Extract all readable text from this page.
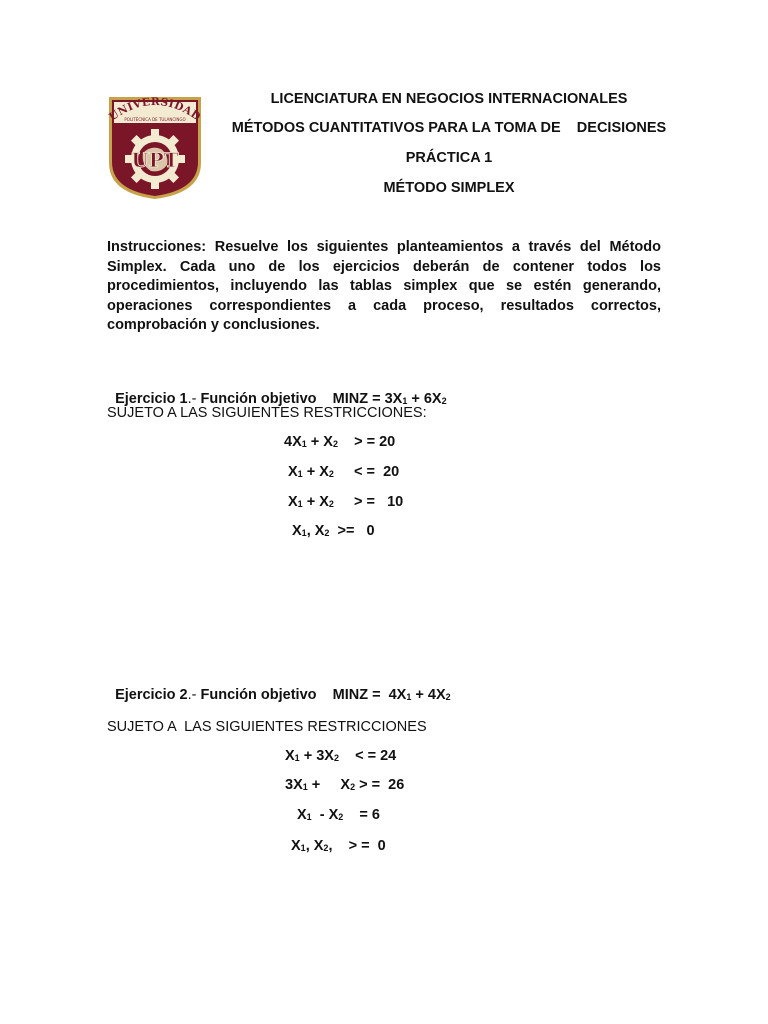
UNIVERSIDAD
POLITÉCNICA DE TULANCINGO
UPT
LICENCIATURA EN NEGOCIOS INTERNACIONALES
MÉTODOS CUANTITATIVOS PARA LA TOMA DE    DECISIONES
PRÁCTICA 1
MÉTODO SIMPLEX
Instrucciones: Resuelve los siguientes planteamientos a través del Método Simplex. Cada uno de los ejercicios deberán de contener todos los procedimientos, incluyendo las tablas simplex que se estén generando, operaciones correspondientes a cada proceso, resultados correctos, comprobación y conclusiones.

Ejercicio 1.- Función objetivo MINZ = $3X_1 + 6X_2$

SUJETO A LAS SIGUIENTES RESTRICCIONES:
$4X_1 + X_2$    > = 20
$X_1 + X_2$     < =  20
$X_1 + X_2$     > =   10
$X_1$, $X_2 >= 0$

Ejercicio 2.- Función objetivo MINZ =  $4X_1 + 4X_2$

SUJETO A  LAS SIGUIENTES RESTRICCIONES
$X_1 + 3X_2$    < = 24
$3X_1$ +     $X_2$ > =  26
$X_1 - X_2$    = 6
$X_1$, $X_2$,    > =  0
